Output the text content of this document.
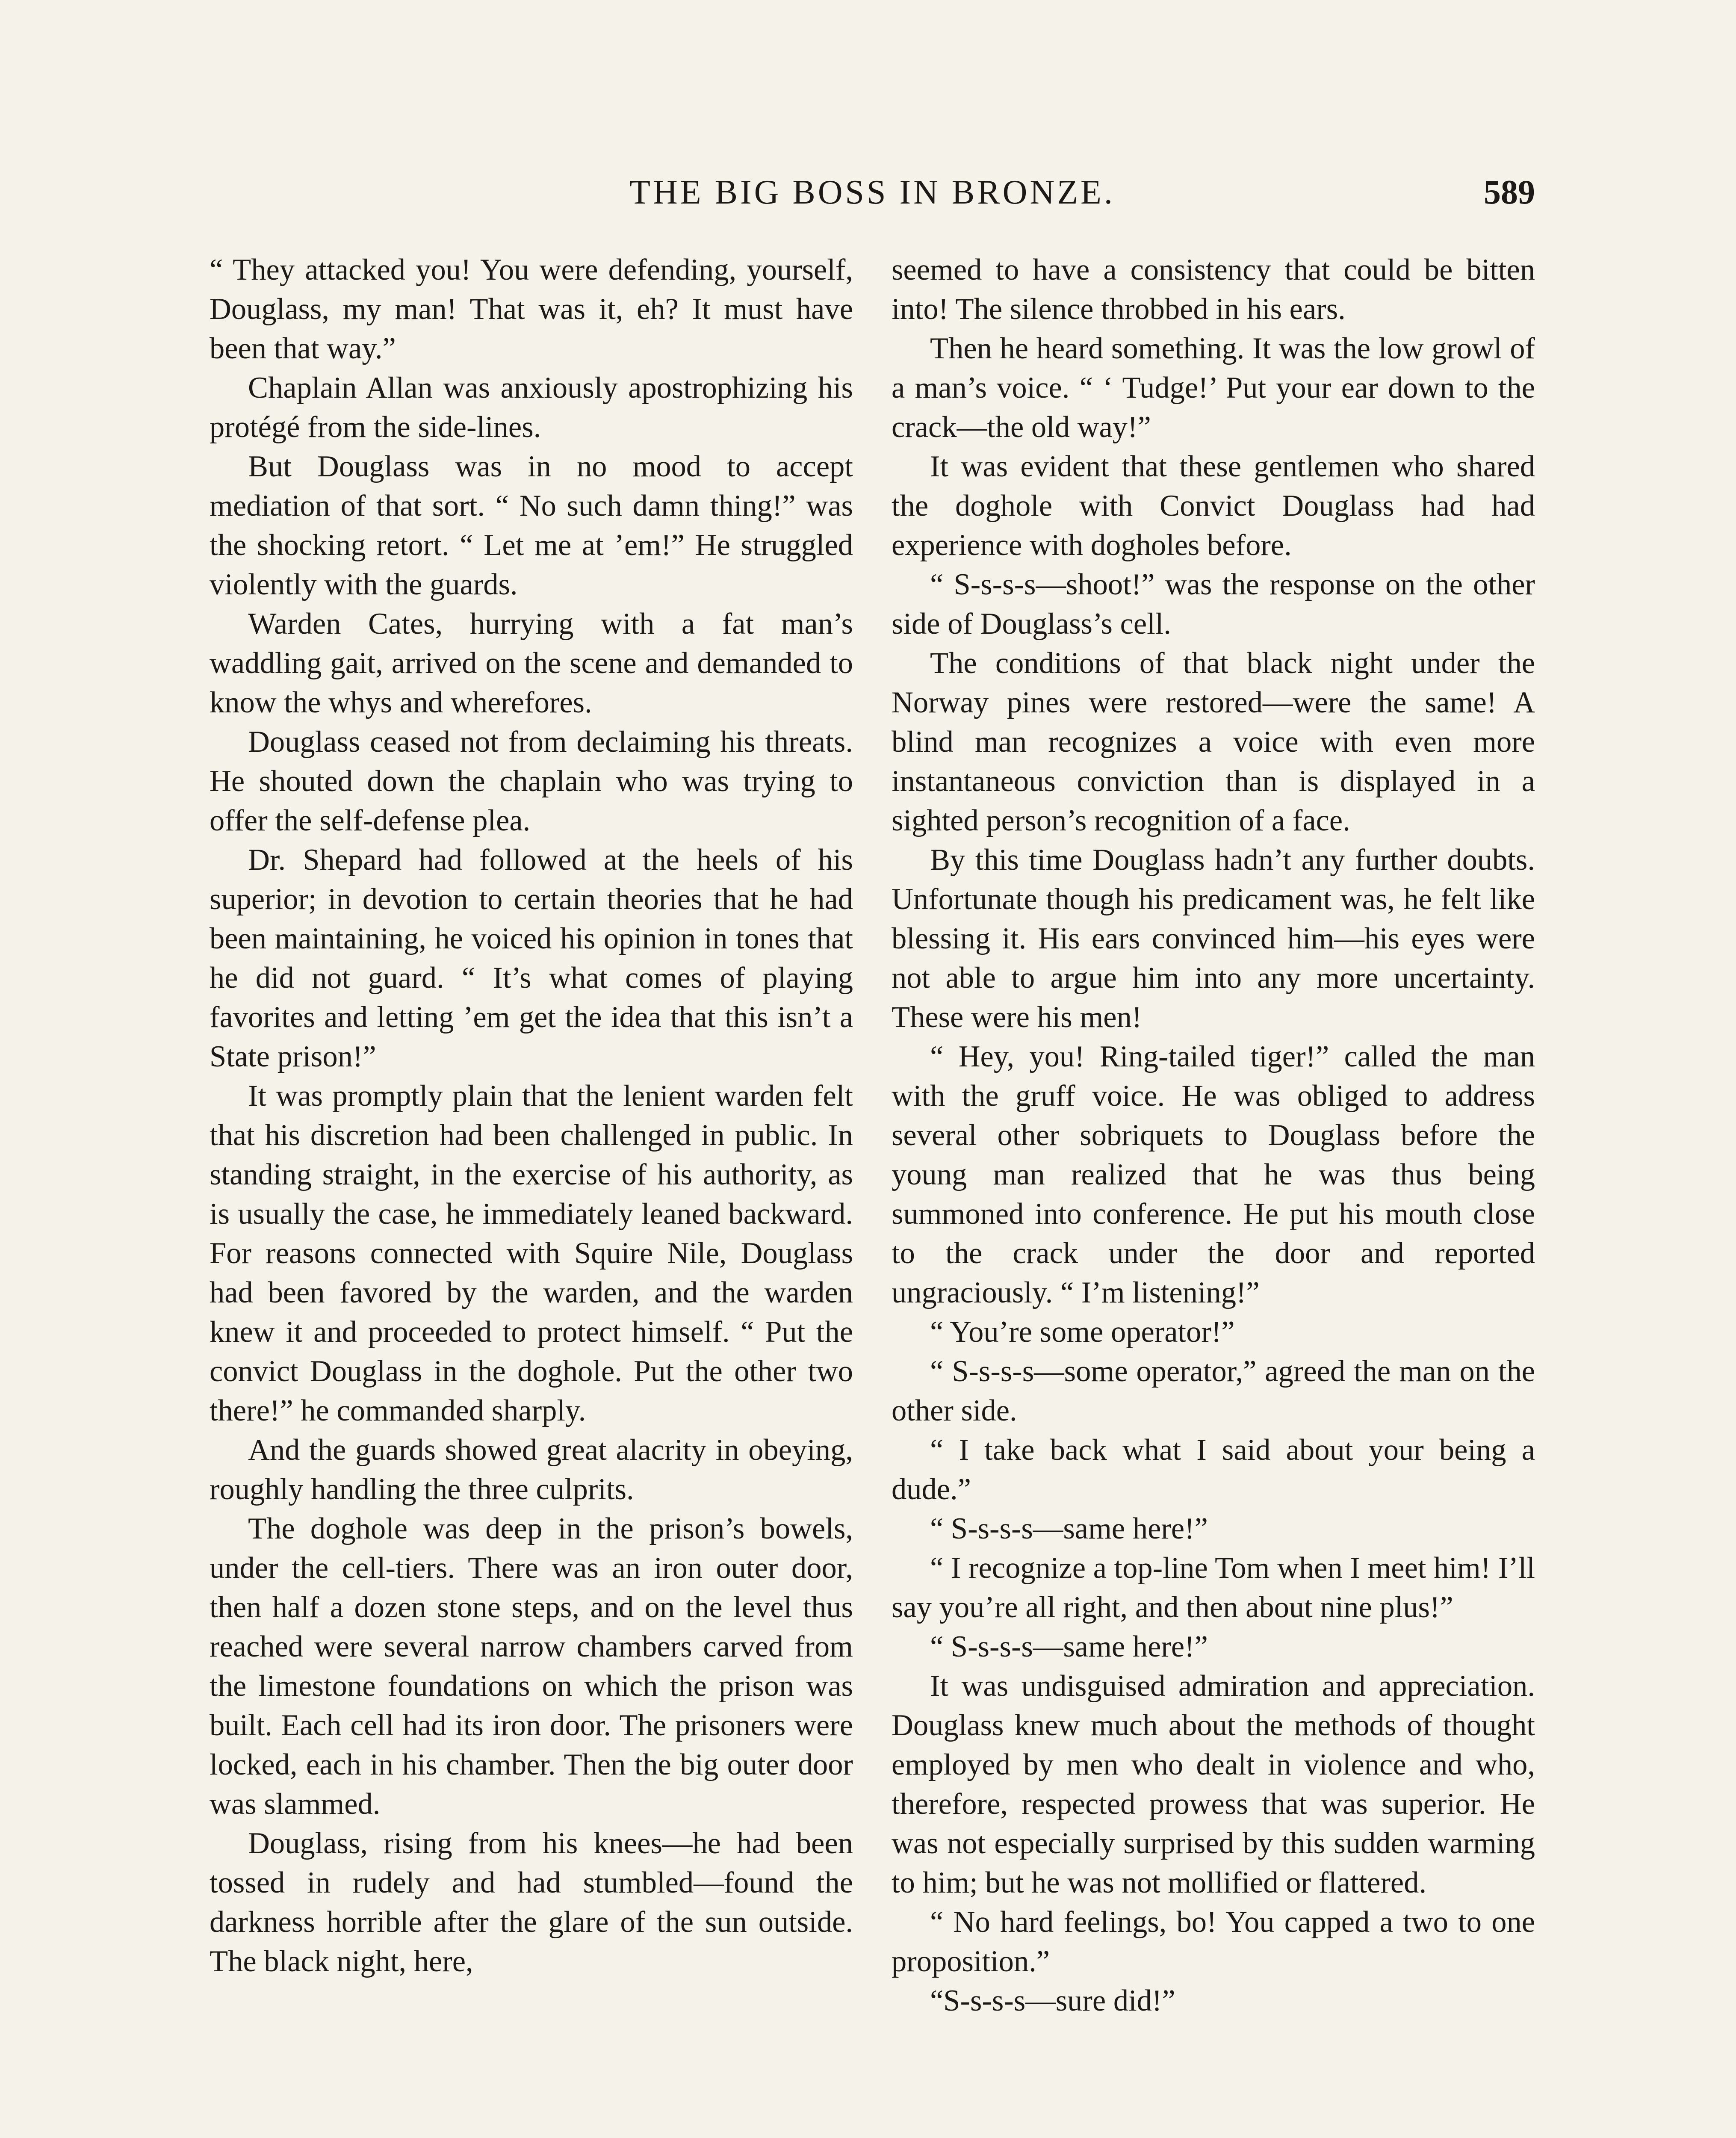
THE BIG BOSS IN BRONZE.	589

“ They attacked you! You were defending, yourself, Douglass, my man! That was it, eh? It must have been that way.”

Chaplain Allan was anxiously apostrophizing his protégé from the side-lines.

But Douglass was in no mood to accept mediation of that sort. “ No such damn thing!” was the shocking retort. “ Let me at ’em!” He struggled violently with the guards.

Warden Cates, hurrying with a fat man’s waddling gait, arrived on the scene and demanded to know the whys and wherefores.

Douglass ceased not from declaiming his threats. He shouted down the chaplain who was trying to offer the self-defense plea.

Dr. Shepard had followed at the heels of his superior; in devotion to certain theories that he had been maintaining, he voiced his opinion in tones that he did not guard. “ It’s what comes of playing favorites and letting ’em get the idea that this isn’t a State prison!”

It was promptly plain that the lenient warden felt that his discretion had been challenged in public. In standing straight, in the exercise of his authority, as is usually the case, he immediately leaned backward. For reasons connected with Squire Nile, Douglass had been favored by the warden, and the warden knew it and proceeded to protect himself. “ Put the convict Douglass in the doghole. Put the other two there!” he commanded sharply.

And the guards showed great alacrity in obeying, roughly handling the three culprits.

The doghole was deep in the prison’s bowels, under the cell-tiers. There was an iron outer door, then half a dozen stone steps, and on the level thus reached were several narrow chambers carved from the limestone foundations on which the prison was built. Each cell had its iron door. The prisoners were locked, each in his chamber. Then the big outer door was slammed.

Douglass, rising from his knees—he had been tossed in rudely and had stumbled—found the darkness horrible after the glare of the sun outside. The black night, here,

seemed to have a consistency that could be bitten into! The silence throbbed in his ears.

Then he heard something. It was the low growl of a man’s voice. “ ‘ Tudge!’ Put your ear down to the crack—the old way!”

It was evident that these gentlemen who shared the doghole with Convict Douglass had had experience with dogholes before.

“ S-s-s-s—shoot!” was the response on the other side of Douglass’s cell.

The conditions of that black night under the Norway pines were restored—were the same! A blind man recognizes a voice with even more instantaneous conviction than is displayed in a sighted person’s recognition of a face.

By this time Douglass hadn’t any further doubts. Unfortunate though his predicament was, he felt like blessing it. His ears convinced him—his eyes were not able to argue him into any more uncertainty. These were his men!

“ Hey, you! Ring-tailed tiger!” called the man with the gruff voice. He was obliged to address several other sobriquets to Douglass before the young man realized that he was thus being summoned into conference. He put his mouth close to the crack under the door and reported ungraciously. “ I’m listening!”

“ You’re some operator!”

“ S-s-s-s—some operator,” agreed the man on the other side.

“ I take back what I said about your being a dude.”

“ S-s-s-s—same here!”

“ I recognize a top-line Tom when I meet him! I’ll say you’re all right, and then about nine plus!”

“ S-s-s-s—same here!”

It was undisguised admiration and appreciation. Douglass knew much about the methods of thought employed by men who dealt in violence and who, therefore, respected prowess that was superior. He was not especially surprised by this sudden warming to him; but he was not mollified or flattered.

“ No hard feelings, bo! You capped a two to one proposition.”

“S-s-s-s—sure did!”
